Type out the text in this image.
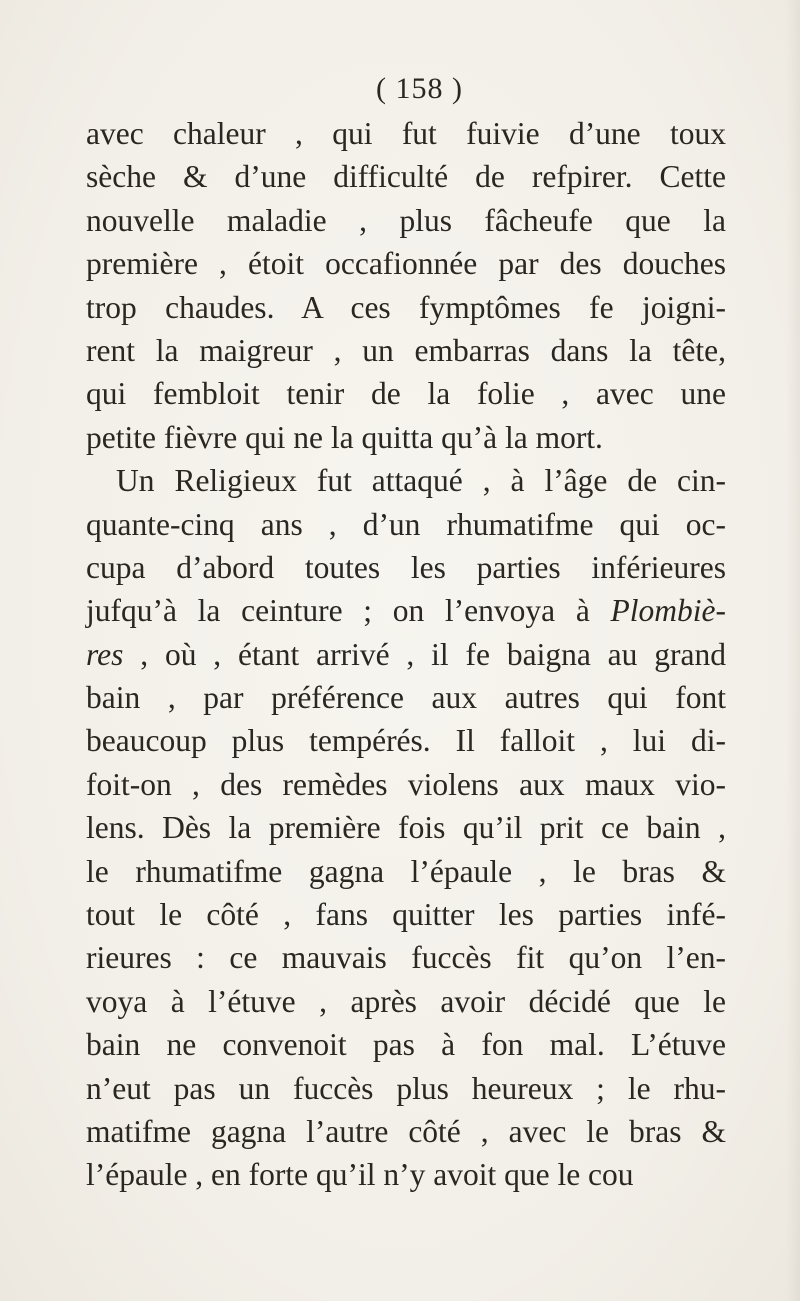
( 158 )
avec chaleur , qui fut fuivie d’une toux
sèche & d’une difficulté de refpirer. Cette
nouvelle maladie , plus fâcheufe que la
première , étoit occafionnée par des douches
trop chaudes. A ces fymptômes fe joigni-
rent la maigreur , un embarras dans la tête,
qui fembloit tenir de la folie , avec une
petite fièvre qui ne la quitta qu’à la mort.
Un Religieux fut attaqué , à l’âge de cin-
quante-cinq ans , d’un rhumatifme qui oc-
cupa d’abord toutes les parties inférieures
jufqu’à la ceinture ; on l’envoya à Plombiè-
res , où , étant arrivé , il fe baigna au grand
bain , par préférence aux autres qui font
beaucoup plus tempérés. Il falloit , lui di-
foit-on , des remèdes violens aux maux vio-
lens. Dès la première fois qu’il prit ce bain ,
le rhumatifme gagna l’épaule , le bras &
tout le côté , fans quitter les parties infé-
rieures : ce mauvais fuccès fit qu’on l’en-
voya à l’étuve , après avoir décidé que le
bain ne convenoit pas à fon mal. L’étuve
n’eut pas un fuccès plus heureux ; le rhu-
matifme gagna l’autre côté , avec le bras &
l’épaule , en forte qu’il n’y avoit que le cou
